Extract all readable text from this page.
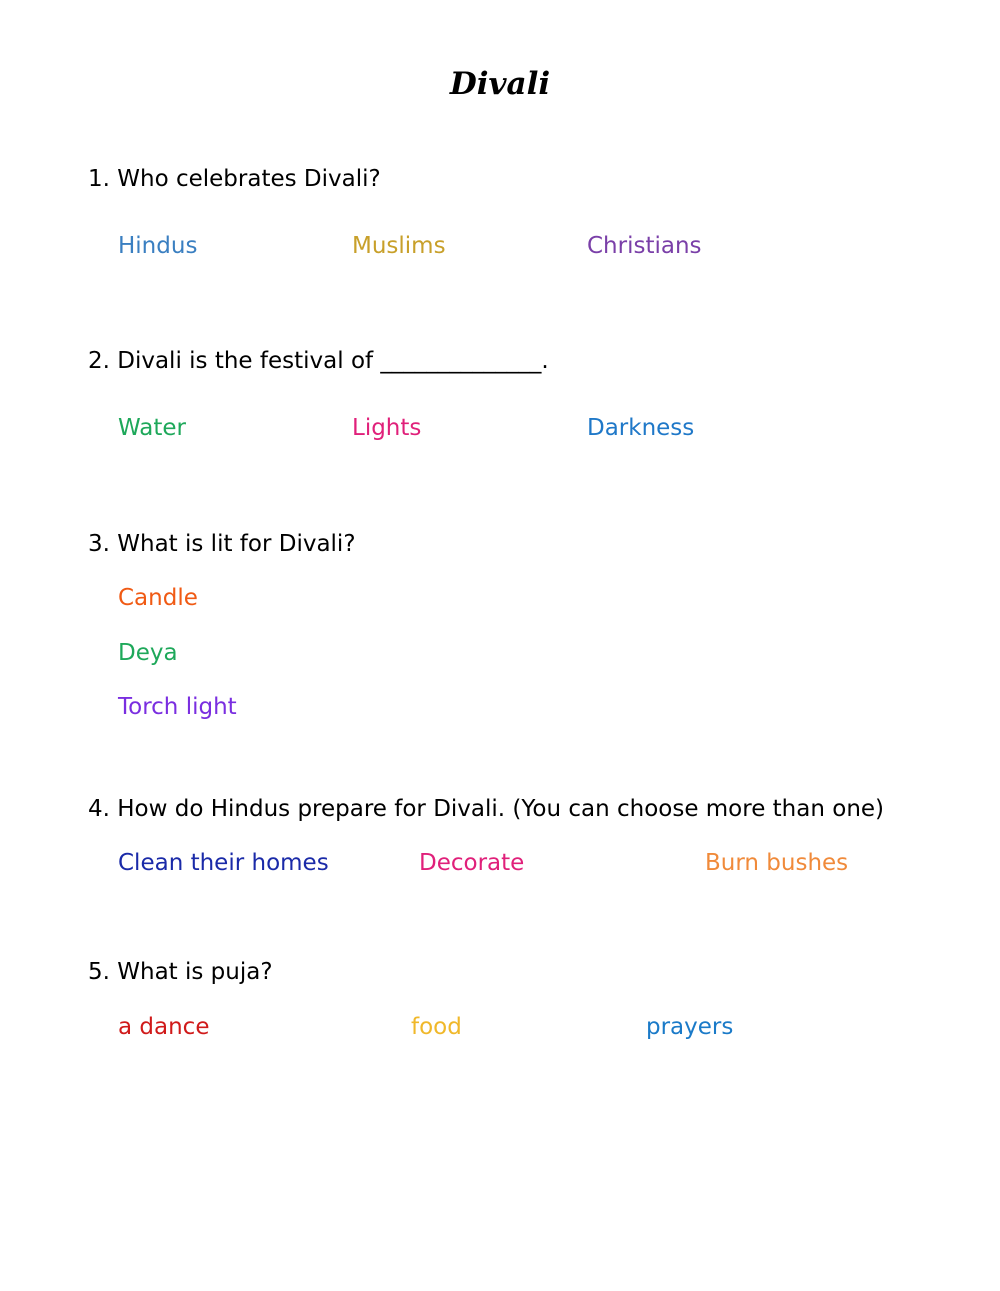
Divali
1. Who celebrates Divali?
Hindus	Muslims	Christians
2. Divali is the festival of ______________.
Water	Lights	Darkness
3. What is lit for Divali?
Candle
Deya
Torch light
4. How do Hindus prepare for Divali. (You can choose more than one)
Clean their homes	Decorate	Burn bushes
5. What is puja?
a dance	food	prayers
